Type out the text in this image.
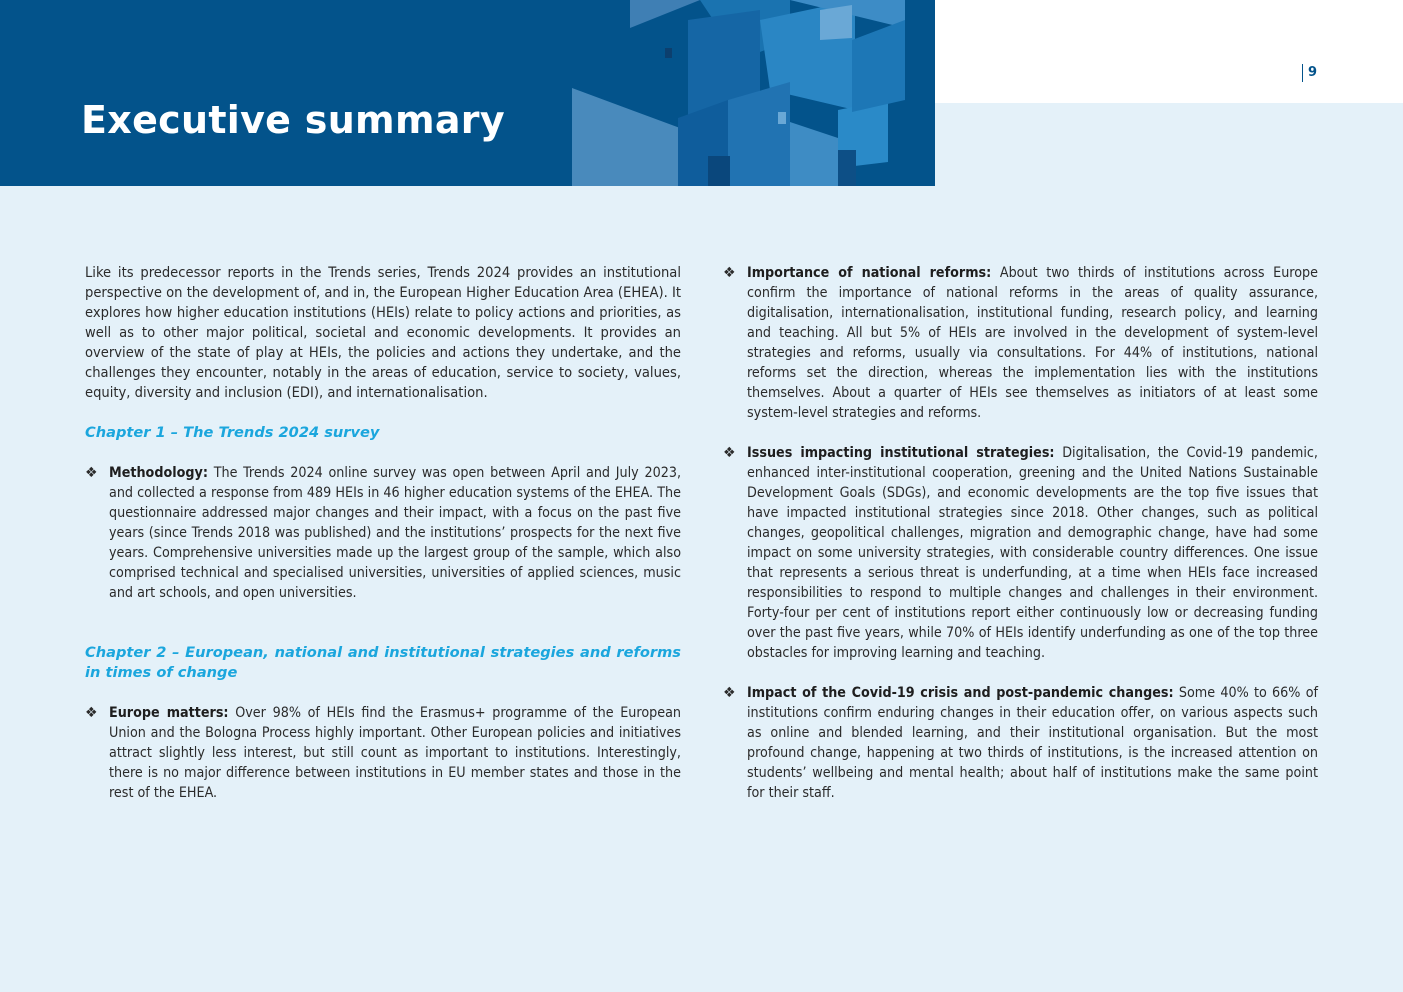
Executive summary
9

Like its predecessor reports in the Trends series, Trends 2024 provides an institutional perspective on the development of, and in, the European Higher Education Area (EHEA). It explores how higher education institutions (HEIs) relate to policy actions and priorities, as well as to other major political, societal and economic developments. It provides an overview of the state of play at HEIs, the policies and actions they undertake, and the challenges they encounter, notably in the areas of education, service to society, values, equity, diversity and inclusion (EDI), and internationalisation.

Chapter 1 – The Trends 2024 survey

❖ Methodology: The Trends 2024 online survey was open between April and July 2023, and collected a response from 489 HEIs in 46 higher education systems of the EHEA. The questionnaire addressed major changes and their impact, with a focus on the past five years (since Trends 2018 was published) and the institutions’ prospects for the next five years. Comprehensive universities made up the largest group of the sample, which also comprised technical and specialised universities, universities of applied sciences, music and art schools, and open universities.

Chapter 2 – European, national and institutional strategies and reforms in times of change

❖ Europe matters: Over 98% of HEIs find the Erasmus+ programme of the European Union and the Bologna Process highly important. Other European policies and initiatives attract slightly less interest, but still count as important to institutions. Interestingly, there is no major difference between institutions in EU member states and those in the rest of the EHEA.

❖ Importance of national reforms: About two thirds of institutions across Europe confirm the importance of national reforms in the areas of quality assurance, digitalisation, internationalisation, institutional funding, research policy, and learning and teaching. All but 5% of HEIs are involved in the development of system-level strategies and reforms, usually via consultations. For 44% of institutions, national reforms set the direction, whereas the implementation lies with the institutions themselves. About a quarter of HEIs see themselves as initiators of at least some system-level strategies and reforms.

❖ Issues impacting institutional strategies: Digitalisation, the Covid-19 pandemic, enhanced inter-institutional cooperation, greening and the United Nations Sustainable Development Goals (SDGs), and economic developments are the top five issues that have impacted institutional strategies since 2018. Other changes, such as political changes, geopolitical challenges, migration and demographic change, have had some impact on some university strategies, with considerable country differences. One issue that represents a serious threat is underfunding, at a time when HEIs face increased responsibilities to respond to multiple changes and challenges in their environment. Forty-four per cent of institutions report either continuously low or decreasing funding over the past five years, while 70% of HEIs identify underfunding as one of the top three obstacles for improving learning and teaching.

❖ Impact of the Covid-19 crisis and post-pandemic changes: Some 40% to 66% of institutions confirm enduring changes in their education offer, on various aspects such as online and blended learning, and their institutional organisation. But the most profound change, happening at two thirds of institutions, is the increased attention on students’ wellbeing and mental health; about half of institutions make the same point for their staff.
